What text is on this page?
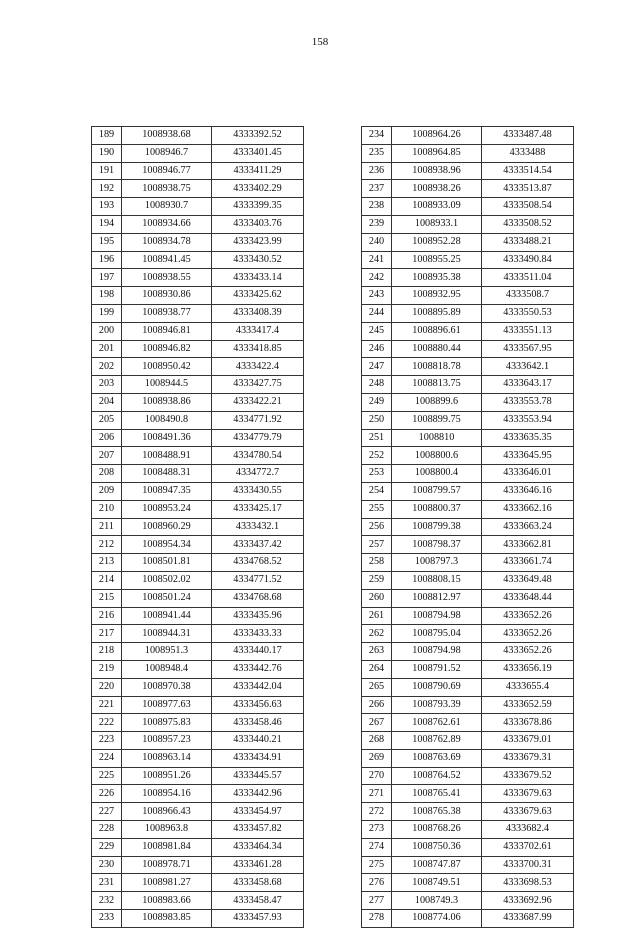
158
189	1008938.68	4333392.52
190	1008946.7	4333401.45
191	1008946.77	4333411.29
192	1008938.75	4333402.29
193	1008930.7	4333399.35
194	1008934.66	4333403.76
195	1008934.78	4333423.99
196	1008941.45	4333430.52
197	1008938.55	4333433.14
198	1008930.86	4333425.62
199	1008938.77	4333408.39
200	1008946.81	4333417.4
201	1008946.82	4333418.85
202	1008950.42	4333422.4
203	1008944.5	4333427.75
204	1008938.86	4333422.21
205	1008490.8	4334771.92
206	1008491.36	4334779.79
207	1008488.91	4334780.54
208	1008488.31	4334772.7
209	1008947.35	4333430.55
210	1008953.24	4333425.17
211	1008960.29	4333432.1
212	1008954.34	4333437.42
213	1008501.81	4334768.52
214	1008502.02	4334771.52
215	1008501.24	4334768.68
216	1008941.44	4333435.96
217	1008944.31	4333433.33
218	1008951.3	4333440.17
219	1008948.4	4333442.76
220	1008970.38	4333442.04
221	1008977.63	4333456.63
222	1008975.83	4333458.46
223	1008957.23	4333440.21
224	1008963.14	4333434.91
225	1008951.26	4333445.57
226	1008954.16	4333442.96
227	1008966.43	4333454.97
228	1008963.8	4333457.82
229	1008981.84	4333464.34
230	1008978.71	4333461.28
231	1008981.27	4333458.68
232	1008983.66	4333458.47
233	1008983.85	4333457.93
234	1008964.26	4333487.48
235	1008964.85	4333488
236	1008938.96	4333514.54
237	1008938.26	4333513.87
238	1008933.09	4333508.54
239	1008933.1	4333508.52
240	1008952.28	4333488.21
241	1008955.25	4333490.84
242	1008935.38	4333511.04
243	1008932.95	4333508.7
244	1008895.89	4333550.53
245	1008896.61	4333551.13
246	1008880.44	4333567.95
247	1008818.78	4333642.1
248	1008813.75	4333643.17
249	1008899.6	4333553.78
250	1008899.75	4333553.94
251	1008810	4333635.35
252	1008800.6	4333645.95
253	1008800.4	4333646.01
254	1008799.57	4333646.16
255	1008800.37	4333662.16
256	1008799.38	4333663.24
257	1008798.37	4333662.81
258	1008797.3	4333661.74
259	1008808.15	4333649.48
260	1008812.97	4333648.44
261	1008794.98	4333652.26
262	1008795.04	4333652.26
263	1008794.98	4333652.26
264	1008791.52	4333656.19
265	1008790.69	4333655.4
266	1008793.39	4333652.59
267	1008762.61	4333678.86
268	1008762.89	4333679.01
269	1008763.69	4333679.31
270	1008764.52	4333679.52
271	1008765.41	4333679.63
272	1008765.38	4333679.63
273	1008768.26	4333682.4
274	1008750.36	4333702.61
275	1008747.87	4333700.31
276	1008749.51	4333698.53
277	1008749.3	4333692.96
278	1008774.06	4333687.99
